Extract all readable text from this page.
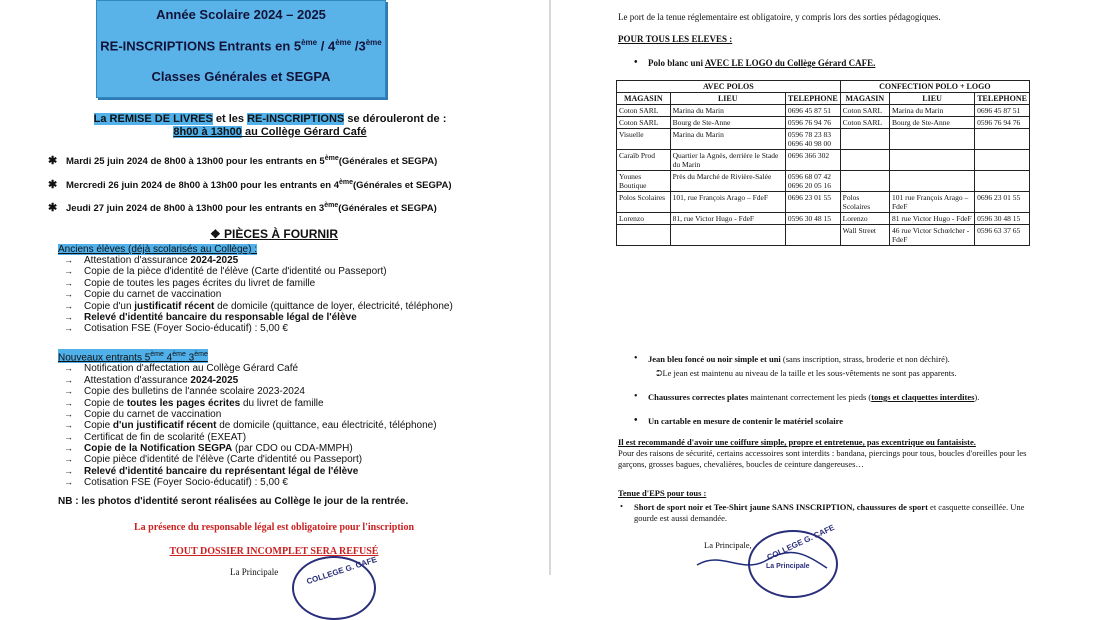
Année Scolaire 2024 – 2025
RE-INSCRIPTIONS Entrants en 5ème / 4ème /3ème
Classes Générales et SEGPA
La REMISE DE LIVRES et les RE-INSCRIPTIONS se dérouleront de :
8h00 à 13h00 au Collège Gérard Café
✱ Mardi 25 juin 2024 de 8h00 à 13h00 pour les entrants en 5ème(Générales et SEGPA)
✱ Mercredi 26 juin 2024 de 8h00 à 13h00 pour les entrants en 4ème(Générales et SEGPA)
✱ Jeudi 27 juin 2024 de 8h00 à 13h00 pour les entrants en 3ème(Générales et SEGPA)
❖ PIÈCES À FOURNIR
Anciens élèves (déjà scolarisés au Collège) :
→ Attestation d'assurance 2024-2025
→ Copie de la pièce d'identité de l'élève (Carte d'identité ou Passeport)
→ Copie de toutes les pages écrites du livret de famille
→ Copie du carnet de vaccination
→ Copie d'un justificatif récent de domicile (quittance de loyer, électricité, téléphone)
→ Relevé d'identité bancaire du responsable légal de l'élève
→ Cotisation FSE (Foyer Socio-éducatif) : 5,00 €
Nouveaux entrants 5ème 4ème 3ème
→ Notification d'affectation au Collège Gérard Café
→ Attestation d'assurance 2024-2025
→ Copie des bulletins de l'année scolaire 2023-2024
→ Copie de toutes les pages écrites du livret de famille
→ Copie du carnet de vaccination
→ Copie d'un justificatif récent de domicile (quittance, eau électricité, téléphone)
→ Certificat de fin de scolarité (EXEAT)
→ Copie de la Notification SEGPA (par CDO ou CDA-MMPH)
→ Copie pièce d'identité de l'élève (Carte d'identité ou Passeport)
→ Relevé d'identité bancaire du représentant légal de l'élève
→ Cotisation FSE (Foyer Socio-éducatif) : 5,00 €
NB : les photos d'identité seront réalisées au Collège le jour de la rentrée.
La présence du responsable légal est obligatoire pour l'inscription
TOUT DOSSIER INCOMPLET SERA REFUSÉ
La Principale	COLLEGE G. CAFE
Le port de la tenue réglementaire est obligatoire, y compris lors des sorties pédagogiques.
POUR TOUS LES ELEVES :
• Polo blanc uni AVEC LE LOGO du Collège Gérard CAFE.
AVEC POLOS			CONFECTION POLO + LOGO		
MAGASIN	LIEU	TELEPHONE	MAGASIN	LIEU	TELEPHONE
Coton SARL	Marina du Marin	0696 45 87 51	Coton SARL	Marina du Marin	0696 45 87 51
Coton SARL	Bourg de Ste-Anne	0596 76 94 76	Coton SARL	Bourg de Ste-Anne	0596 76 94 76
Visuelle	Marina du Marin	0596 78 23 83
0696 40 98 00			
Caraïb Prod	Quartier la Agnès, derrière le Stade du Marin	0696 366 302			
Younes Boutique	Près du Marché de Rivière-Salée	0596 68 07 42
0696 20 05 16			
Polos Scolaires	101, rue François Arago – FdeF	0696 23 01 55	Polos Scolaires	101 rue François Arago – FdeF	0696 23 01 55
Lorenzo	81, rue Victor Hugo - FdeF	0596 30 48 15	Lorenzo	81 rue Victor Hugo - FdeF	0596 30 48 15
			Wall Street	46 rue Victor Schœlcher - FdeF	0596 63 37 65
• Jean bleu foncé ou noir simple et uni (sans inscription, strass, broderie et non déchiré).
⮊Le jean est maintenu au niveau de la taille et les sous-vêtements ne sont pas apparents.
• Chaussures correctes plates maintenant correctement les pieds (tongs et claquettes interdites).
• Un cartable en mesure de contenir le matériel scolaire
Il est recommandé d'avoir une coiffure simple, propre et entretenue, pas excentrique ou fantaisiste.
Pour des raisons de sécurité, certains accessoires sont interdits : bandana, piercings pour tous, boucles d'oreilles pour les garçons, grosses bagues, chevalières, boucles de ceinture dangereuses…
Tenue d'EPS pour tous :
• Short de sport noir et Tee-Shirt jaune SANS INSCRIPTION, chaussures de sport et casquette conseillée. Une gourde est aussi demandée.
La Principale, COLLEGE G. CAFE
La Principale
